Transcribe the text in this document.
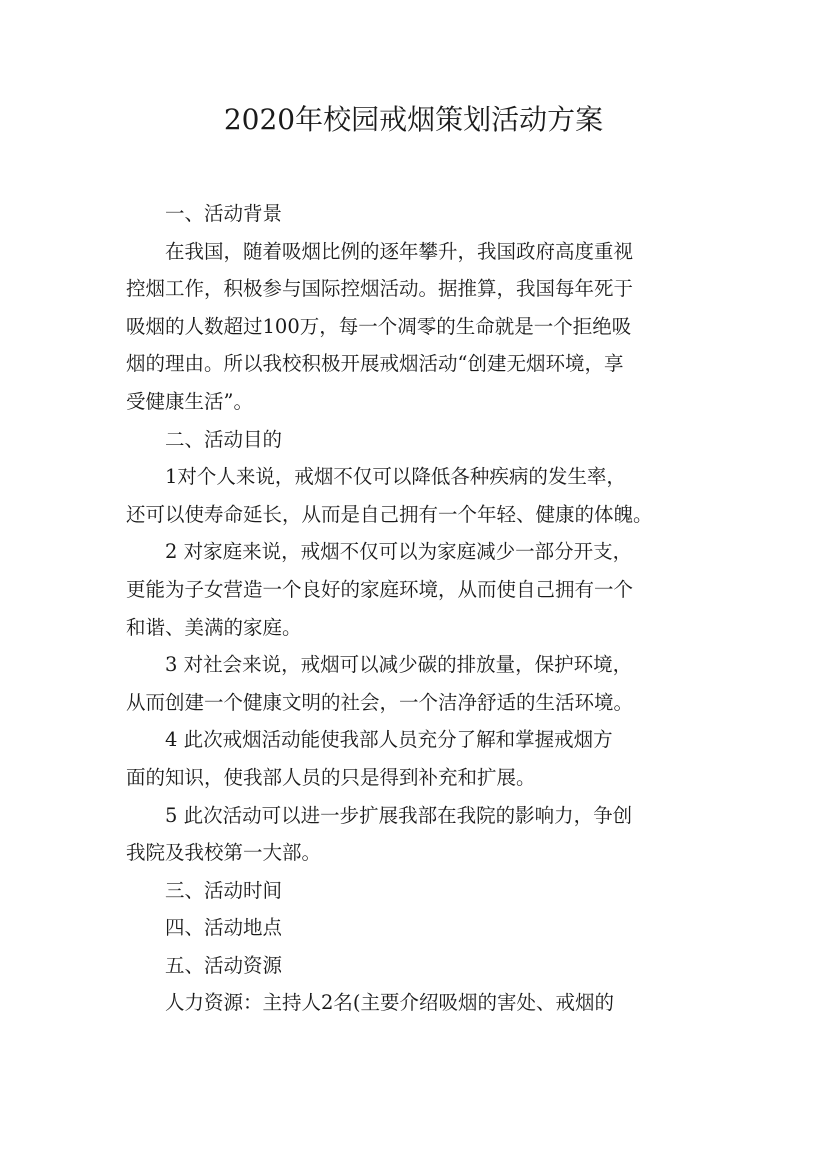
2020年校园戒烟策划活动方案

一、活动背景

在我国，随着吸烟比例的逐年攀升，我国政府高度重视
控烟工作，积极参与国际控烟活动。据推算，我国每年死于
吸烟的人数超过100万，每一个凋零的生命就是一个拒绝吸
烟的理由。所以我校积极开展戒烟活动“创建无烟环境，享
受健康生活”。

二、活动目的

1对个人来说，戒烟不仅可以降低各种疾病的发生率，
还可以使寿命延长，从而是自己拥有一个年轻、健康的体魄。

2 对家庭来说，戒烟不仅可以为家庭减少一部分开支，
更能为子女营造一个良好的家庭环境，从而使自己拥有一个
和谐、美满的家庭。

3 对社会来说，戒烟可以减少碳的排放量，保护环境，
从而创建一个健康文明的社会，一个洁净舒适的生活环境。

4 此次戒烟活动能使我部人员充分了解和掌握戒烟方
面的知识，使我部人员的只是得到补充和扩展。

5 此次活动可以进一步扩展我部在我院的影响力，争创
我院及我校第一大部。

三、活动时间

四、活动地点

五、活动资源

人力资源：主持人2名(主要介绍吸烟的害处、戒烟的
